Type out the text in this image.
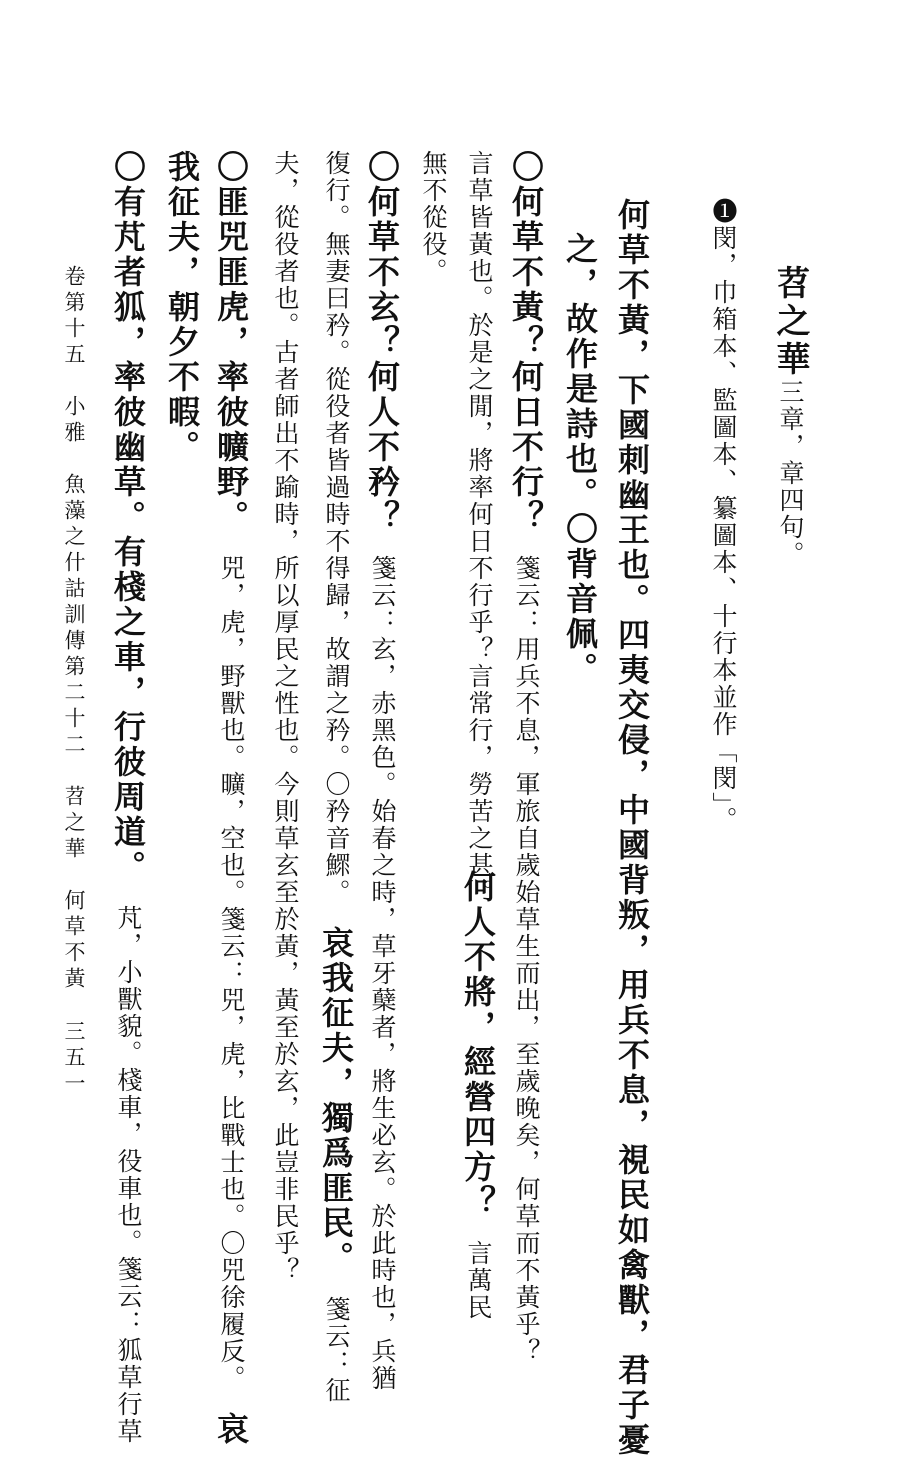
苕之華三章，章四句。
❶閔，巾箱本、監圖本、纂圖本、十行本並作「閔」。
何草不黃，下國刺幽王也。四夷交侵，中國背叛，用兵不息，視民如禽獸，君子憂
之，故作是詩也。〇背音佩。
〇何草不黃？何日不行？箋云：用兵不息，軍旅自歲始草生而出，至歲晚矣，何草而不黃乎？
言草皆黃也。於是之閒，將率何日不行乎？言常行，勞苦之甚。
何人不將，經營四方？言萬民
無不從役。
〇何草不玄？何人不矜？箋云：玄，赤黑色。始春之時，草牙蘖者，將生必玄。於此時也，兵猶
復行。無妻曰矜。從役者皆過時不得歸，故謂之矜。〇矜音鰥。哀我征夫，獨爲匪民。箋云：征
夫，從役者也。古者師出不踰時，所以厚民之性也。今則草玄至於黃，黃至於玄，此豈非民乎？
〇匪兕匪虎，率彼曠野。兕，虎，野獸也。曠，空也。箋云：兕，虎，比戰士也。〇兕徐履反。哀
我征夫，朝夕不暇。
〇有芃者狐，率彼幽草。有棧之車，行彼周道。芃，小獸貌。棧車，役車也。箋云：狐草行草
卷第十五　小雅　魚藻之什詁訓傳第二十二　苕之華　何草不黃
三五一
